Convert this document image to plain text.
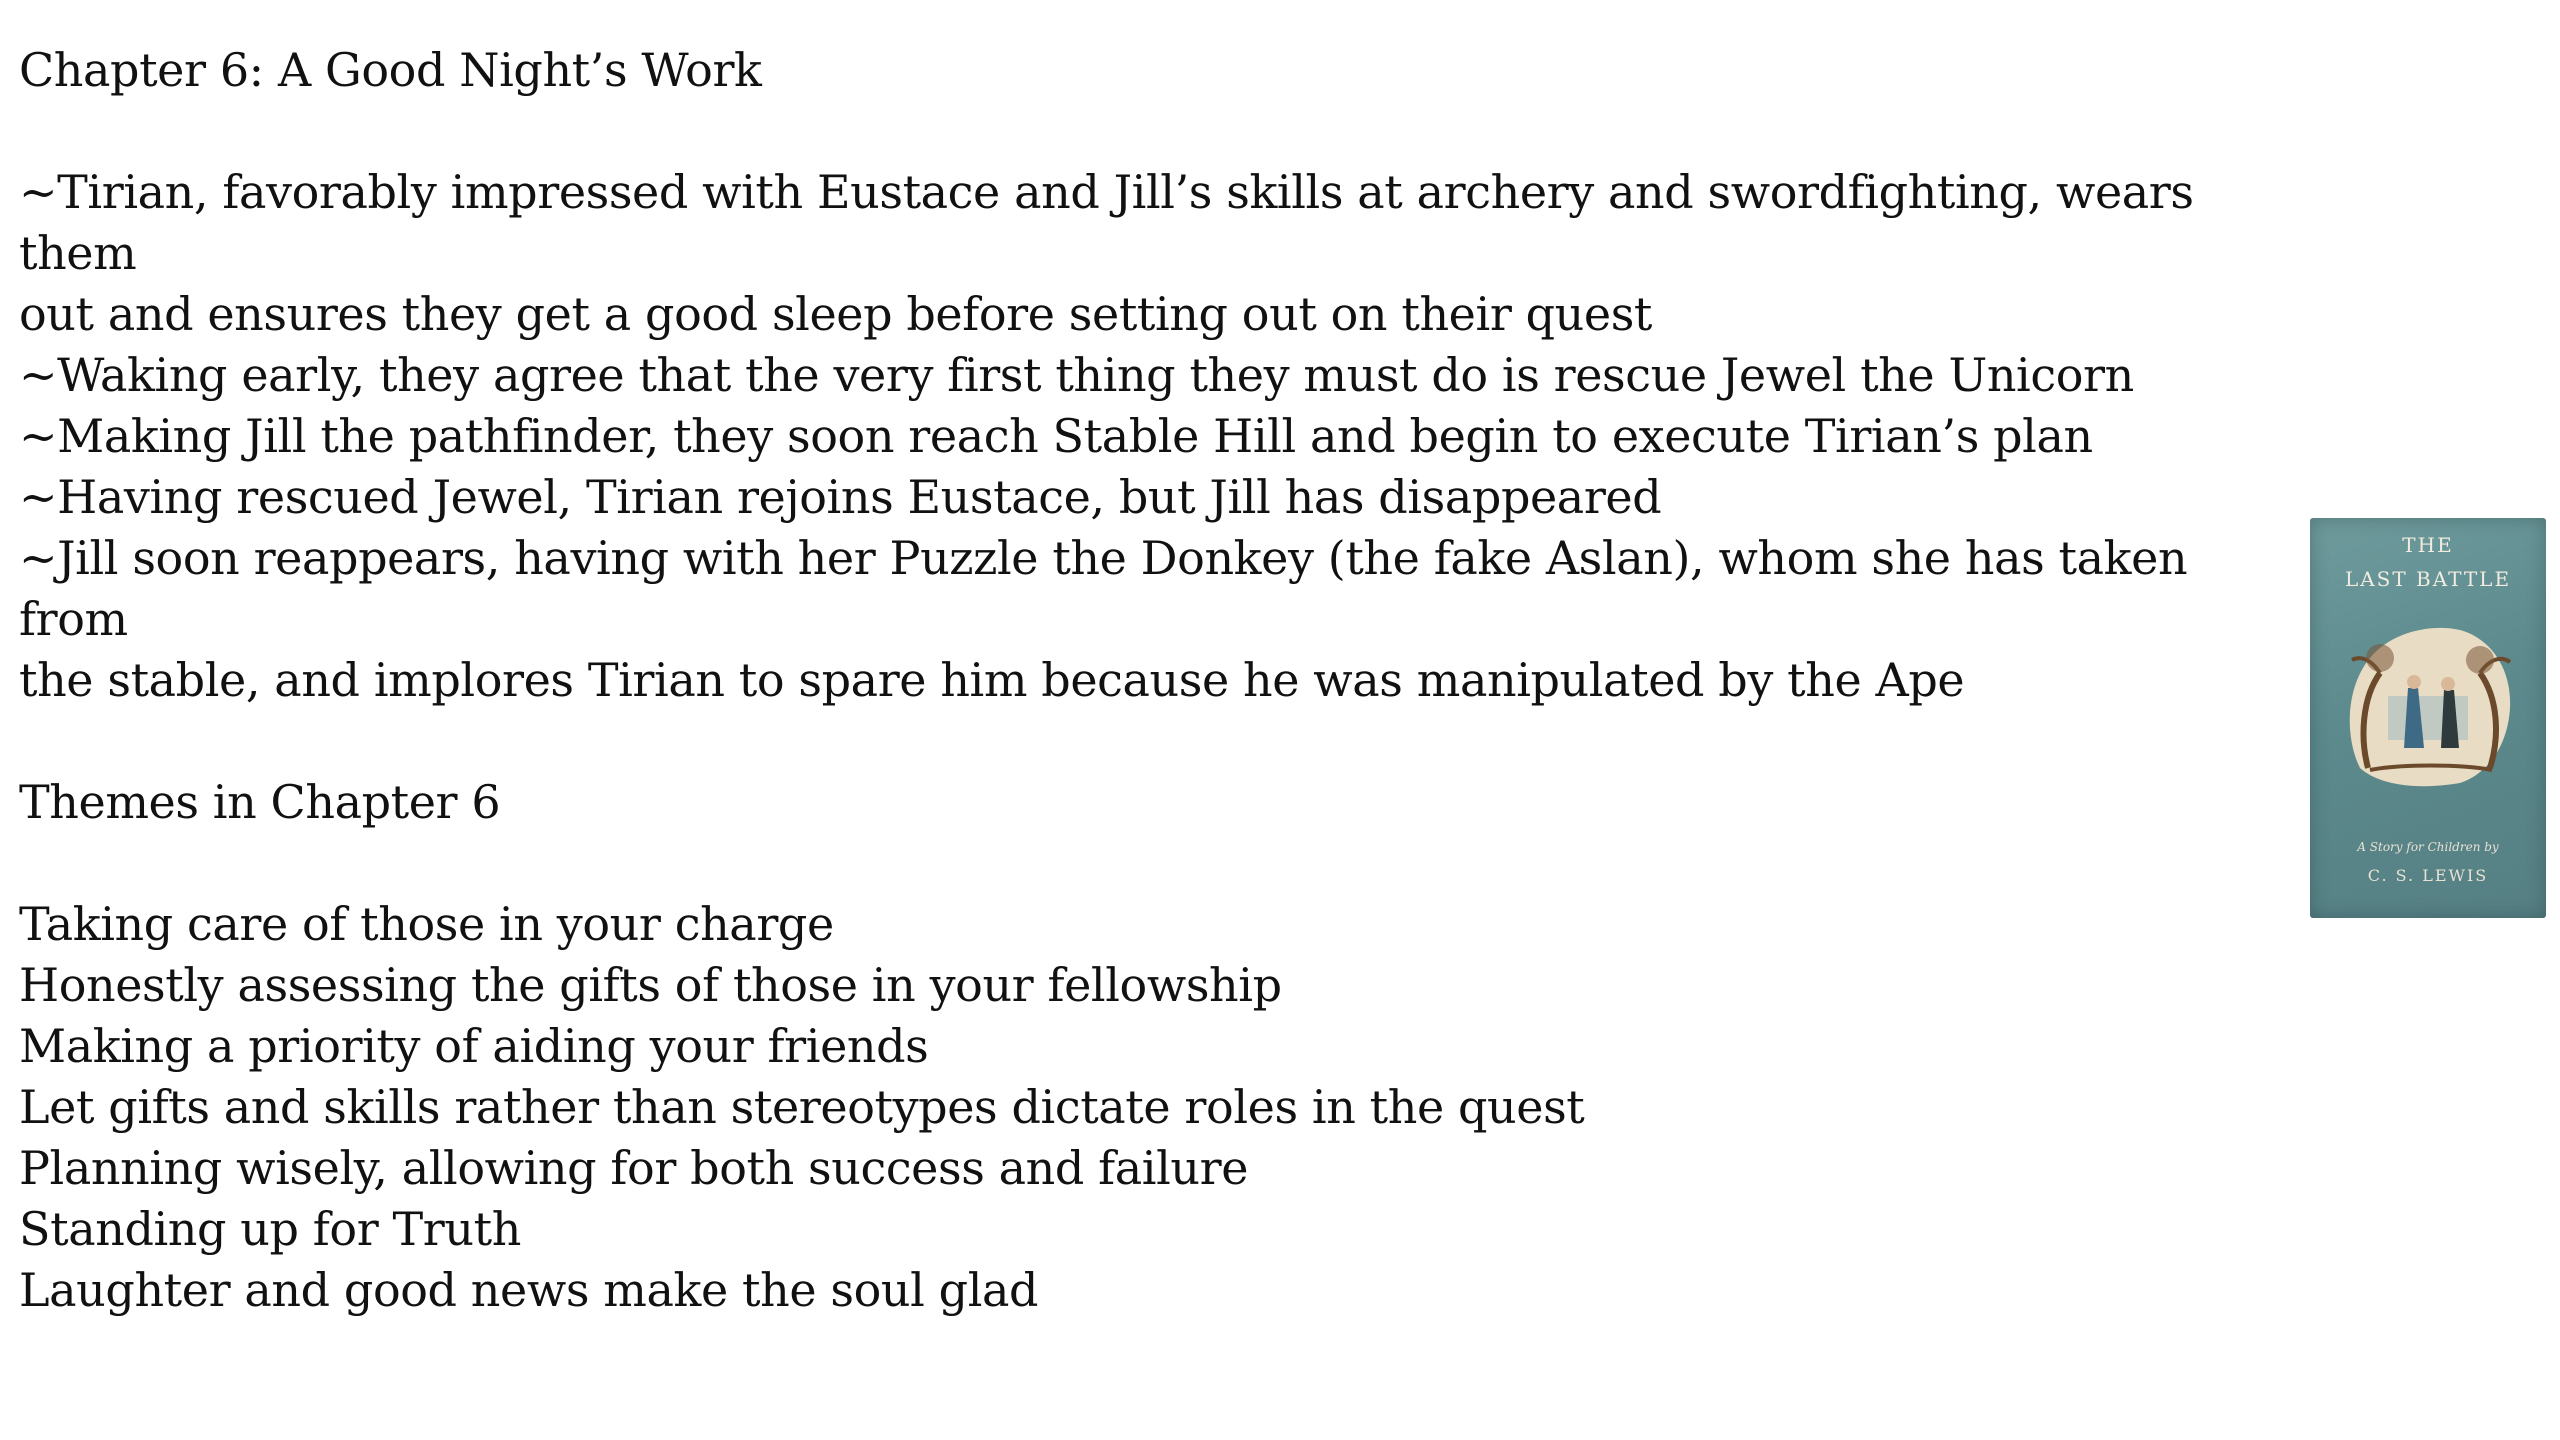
Chapter 6: A Good Night’s Work
~Tirian, favorably impressed with Eustace and Jill’s skills at archery and swordfighting, wears them
out and ensures they get a good sleep before setting out on their quest
~Waking early, they agree that the very first thing they must do is rescue Jewel the Unicorn
~Making Jill the pathfinder, they soon reach Stable Hill and begin to execute Tirian’s plan
~Having rescued Jewel, Tirian rejoins Eustace, but Jill has disappeared
~Jill soon reappears, having with her Puzzle the Donkey (the fake Aslan), whom she has taken from
the stable, and implores Tirian to spare him because he was manipulated by the Ape
Themes in Chapter 6
Taking care of those in your charge
Honestly assessing the gifts of those in your fellowship
Making a priority of aiding your friends
Let gifts and skills rather than stereotypes dictate roles in the quest
Planning wisely, allowing for both success and failure
Standing up for Truth
Laughter and good news make the soul glad
THE
LAST BATTLE
A Story for Children by
C. S. LEWIS
